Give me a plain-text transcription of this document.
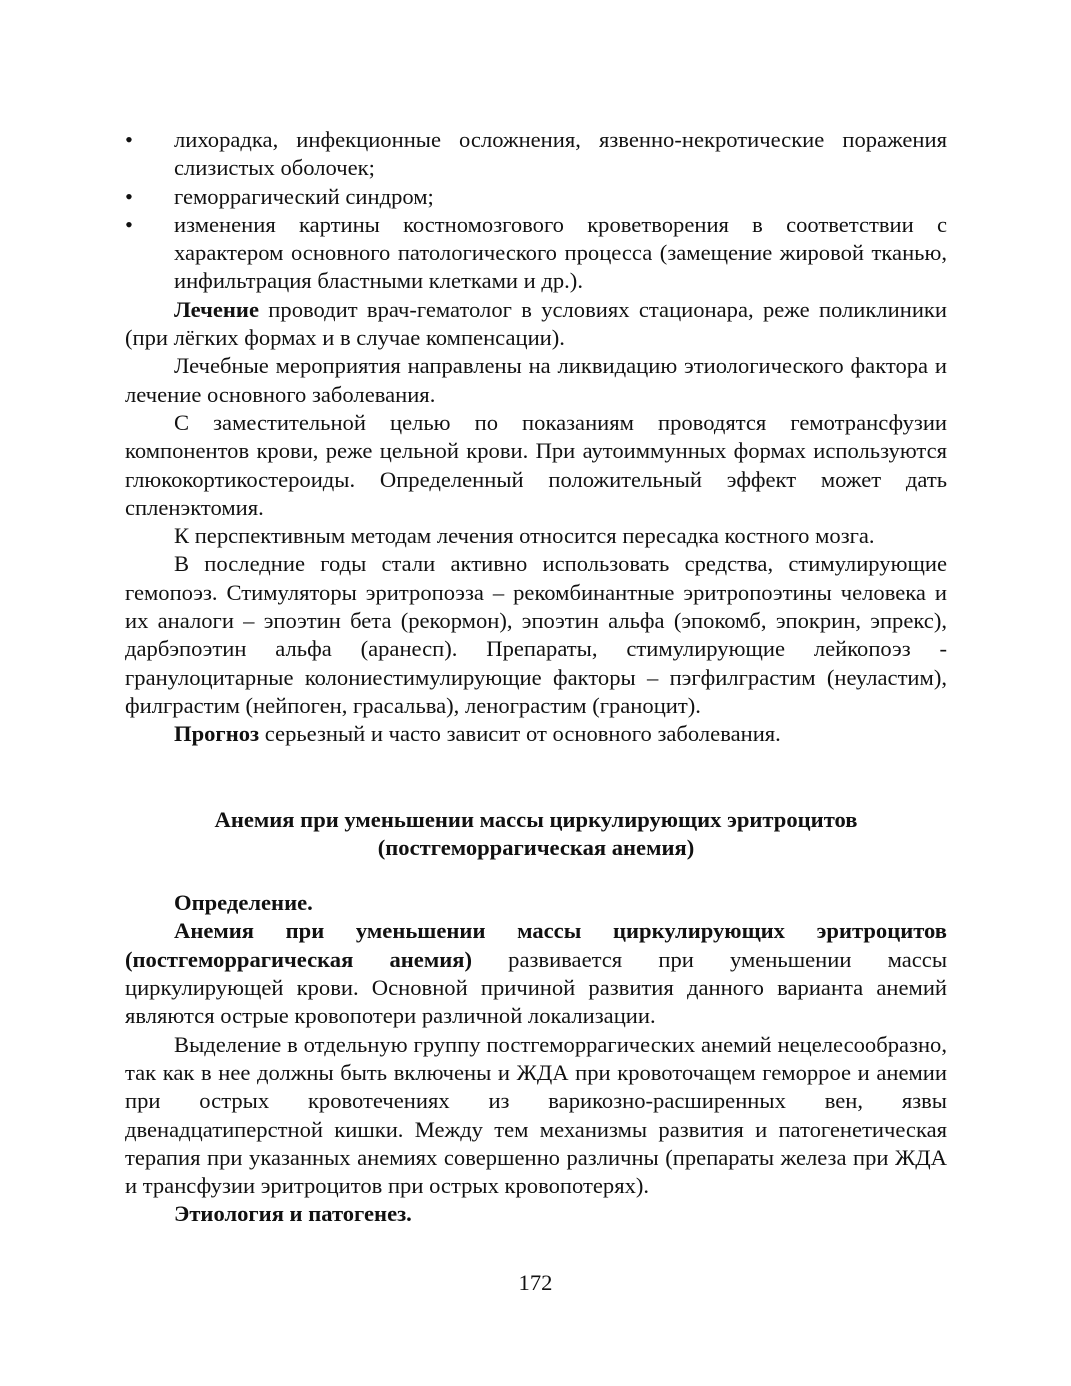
• лихорадка, инфекционные осложнения, язвенно-некротические поражения слизистых оболочек;
• геморрагический синдром;
• изменения картины костномозгового кроветворения в соответствии с характером основного патологического процесса (замещение жировой тканью, инфильтрация бластными клетками и др.).

Лечение проводит врач-гематолог в условиях стационара, реже поликлиники (при лёгких формах и в случае компенсации).

Лечебные мероприятия направлены на ликвидацию этиологического фактора и лечение основного заболевания.

С заместительной целью по показаниям проводятся гемотрансфузии компонентов крови, реже цельной крови. При аутоиммунных формах используются глюкокортикостероиды. Определенный положительный эффект может дать спленэктомия.

К перспективным методам лечения относится пересадка костного мозга.

В последние годы стали активно использовать средства, стимулирующие гемопоэз. Стимуляторы эритропоэза – рекомбинантные эритропоэтины человека и их аналоги – эпоэтин бета (рекормон), эпоэтин альфа (эпокомб, эпокрин, эпрекс), дарбэпоэтин альфа (аранесп). Препараты, стимулирующие лейкопоэз - гранулоцитарные колониестимулирующие факторы – пэгфилграстим (неуластим), филграстим (нейпоген, грасальва), ленограстим (граноцит).

Прогноз серьезный и часто зависит от основного заболевания.

Анемия при уменьшении массы циркулирующих эритроцитов
(постгеморрагическая анемия)

Определение.

Анемия при уменьшении массы циркулирующих эритроцитов (постгеморрагическая анемия) развивается при уменьшении массы циркулирующей крови. Основной причиной развития данного варианта анемий являются острые кровопотери различной локализации.

Выделение в отдельную группу постгеморрагических анемий нецелесообразно, так как в нее должны быть включены и ЖДА при кровоточащем геморрое и анемии при острых кровотечениях из варикозно-расширенных вен, язвы двенадцатиперстной кишки. Между тем механизмы развития и патогенетическая терапия при указанных анемиях совершенно различны (препараты железа при ЖДА и трансфузии эритроцитов при острых кровопотерях).

Этиология и патогенез.

172
